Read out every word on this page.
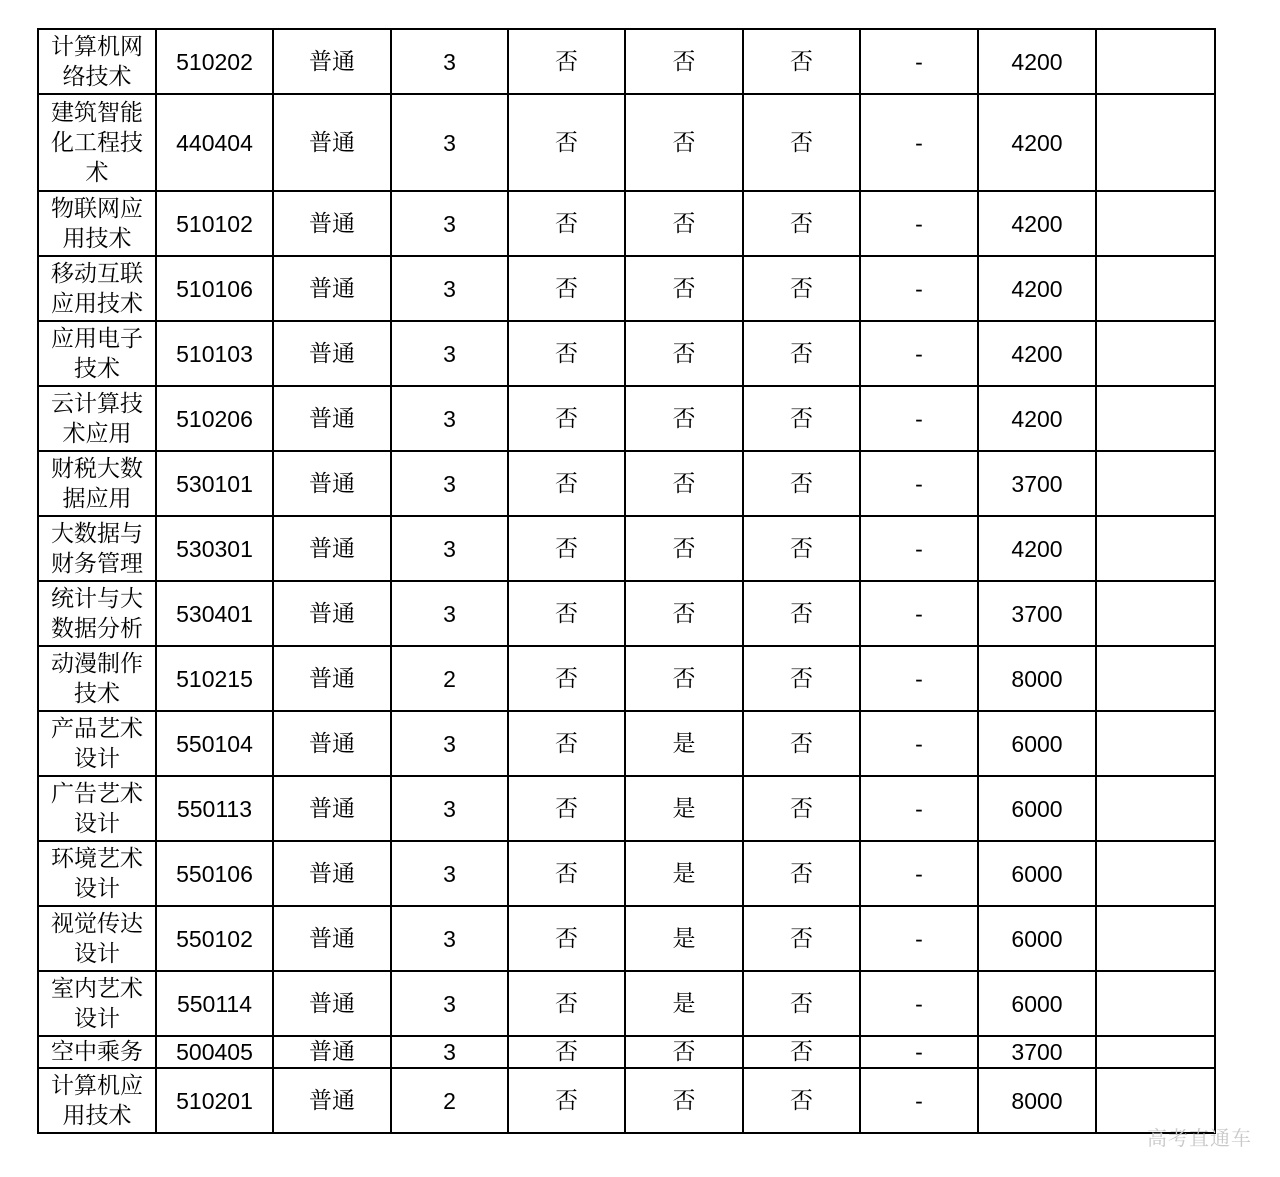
计算机网络技术	510202	普通	3	否	否	否	-	4200	
建筑智能化工程技术	440404	普通	3	否	否	否	-	4200	
物联网应用技术	510102	普通	3	否	否	否	-	4200	
移动互联应用技术	510106	普通	3	否	否	否	-	4200	
应用电子技术	510103	普通	3	否	否	否	-	4200	
云计算技术应用	510206	普通	3	否	否	否	-	4200	
财税大数据应用	530101	普通	3	否	否	否	-	3700	
大数据与财务管理	530301	普通	3	否	否	否	-	4200	
统计与大数据分析	530401	普通	3	否	否	否	-	3700	
动漫制作技术	510215	普通	2	否	否	否	-	8000	
产品艺术设计	550104	普通	3	否	是	否	-	6000	
广告艺术设计	550113	普通	3	否	是	否	-	6000	
环境艺术设计	550106	普通	3	否	是	否	-	6000	
视觉传达设计	550102	普通	3	否	是	否	-	6000	
室内艺术设计	550114	普通	3	否	是	否	-	6000	
空中乘务	500405	普通	3	否	否	否	-	3700	
计算机应用技术	510201	普通	2	否	否	否	-	8000	
高考直通车
